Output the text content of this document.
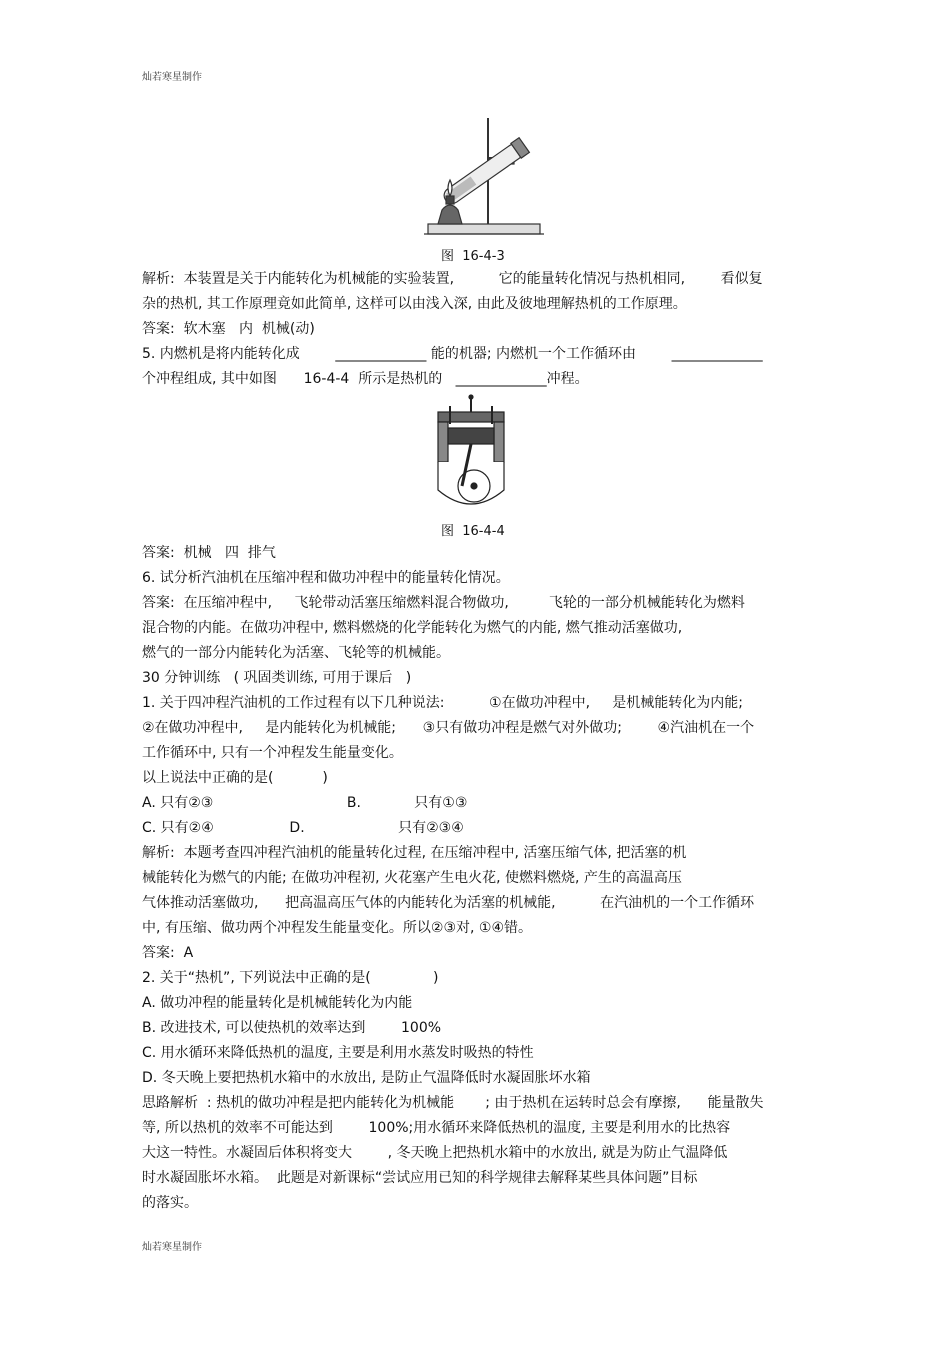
灿若寒星制作
图  16-4-3
解析:  本装置是关于内能转化为机械能的实验装置,          它的能量转化情况与热机相同,        看似复
杂的热机, 其工作原理竟如此简单, 这样可以由浅入深, 由此及彼地理解热机的工作原理。
答案:  软木塞   内  机械(动)
5. 内燃机是将内能转化成        _____________ 能的机器; 内燃机一个工作循环由        _____________
个冲程组成, 其中如图      16-4-4  所示是热机的   _____________冲程。
图  16-4-4
答案:  机械   四  排气
6. 试分析汽油机在压缩冲程和做功冲程中的能量转化情况。
答案:  在压缩冲程中,     飞轮带动活塞压缩燃料混合物做功,         飞轮的一部分机械能转化为燃料
混合物的内能。在做功冲程中, 燃料燃烧的化学能转化为燃气的内能, 燃气推动活塞做功,
燃气的一部分内能转化为活塞、飞轮等的机械能。
30 分钟训练   ( 巩固类训练, 可用于课后   )
1. 关于四冲程汽油机的工作过程有以下几种说法:          ①在做功冲程中,     是机械能转化为内能;
②在做功冲程中,     是内能转化为机械能;      ③只有做功冲程是燃气对外做功;        ④汽油机在一个
工作循环中, 只有一个冲程发生能量变化。
以上说法中正确的是(           )
A. 只有②③                              B.            只有①③
C. 只有②④                 D.                     只有②③④
解析:  本题考查四冲程汽油机的能量转化过程, 在压缩冲程中, 活塞压缩气体, 把活塞的机
械能转化为燃气的内能; 在做功冲程初, 火花塞产生电火花, 使燃料燃烧, 产生的高温高压
气体推动活塞做功,      把高温高压气体的内能转化为活塞的机械能,          在汽油机的一个工作循环
中, 有压缩、做功两个冲程发生能量变化。所以②③对, ①④错。
答案:  A
2. 关于“热机”, 下列说法中正确的是(              )
A. 做功冲程的能量转化是机械能转化为内能
B. 改进技术, 可以使热机的效率达到        100%
C. 用水循环来降低热机的温度, 主要是利用水蒸发时吸热的特性
D. 冬天晚上要把热机水箱中的水放出, 是防止气温降低时水凝固胀坏水箱
思路解析  : 热机的做功冲程是把内能转化为机械能       ; 由于热机在运转时总会有摩擦,      能量散失
等, 所以热机的效率不可能达到        100%;用水循环来降低热机的温度, 主要是利用水的比热容
大这一特性。水凝固后体积将变大        , 冬天晚上把热机水箱中的水放出, 就是为防止气温降低
时水凝固胀坏水箱。  此题是对新课标“尝试应用已知的科学规律去解释某些具体问题”目标
的落实。
灿若寒星制作
